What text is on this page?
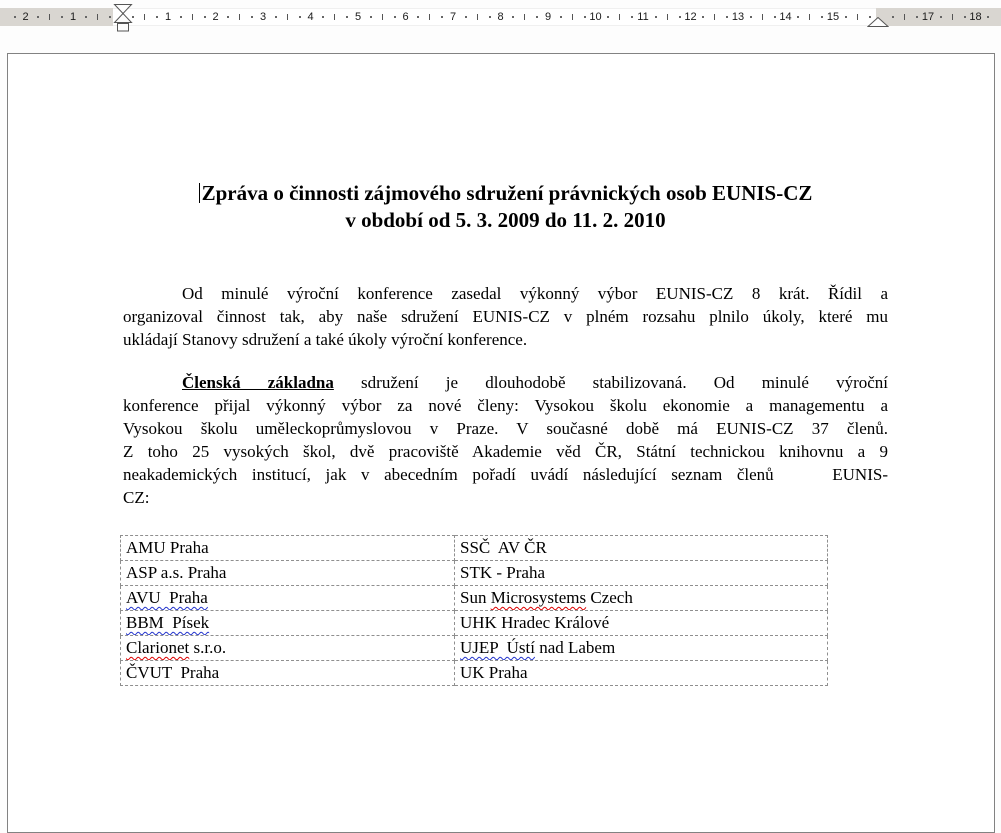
2	1	1	2	3	4	5	6	7	8	9	10	11	12	13	14	15	17	18
Zpráva o činnosti zájmového sdružení právnických osob EUNIS-CZ
v období od 5. 3. 2009 do 11. 2. 2010
Od minulé výroční konference zasedal výkonný výbor EUNIS-CZ 8 krát. Řídil a
organizoval činnost tak, aby naše sdružení EUNIS-CZ v plném rozsahu plnilo úkoly, které mu
ukládají Stanovy sdružení a také úkoly výroční konference.
Členská základna sdružení je dlouhodobě stabilizovaná. Od minulé výroční
konference přijal výkonný výbor za nové členy: Vysokou školu ekonomie a managementu a
Vysokou školu uměleckoprůmyslovou v Praze. V současné době má EUNIS-CZ 37 členů.
Z toho 25 vysokých škol, dvě pracoviště Akademie věd ČR, Státní technickou knihovnu a 9
neakademických institucí, jak v abecedním pořadí uvádí následující seznam členů    EUNIS-
CZ:
AMU Praha	SSČ  AV ČR
ASP a.s. Praha	STK - Praha
AVU  Praha	Sun Microsystems Czech
BBM  Písek	UHK Hradec Králové
Clarionet s.r.o.	UJEP  Ústí nad Labem
ČVUT  Praha	UK Praha
